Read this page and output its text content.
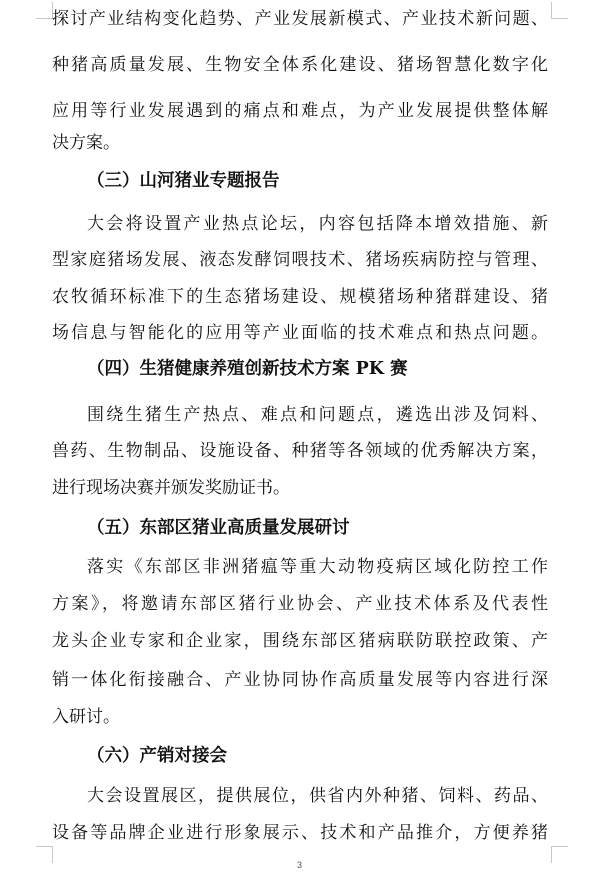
探讨产业结构变化趋势、产业发展新模式、产业技术新问题、
种猪高质量发展、生物安全体系化建设、猪场智慧化数字化
应用等行业发展遇到的痛点和难点，为产业发展提供整体解
决方案。
（三）山河猪业专题报告
大会将设置产业热点论坛，内容包括降本增效措施、新
型家庭猪场发展、液态发酵饲喂技术、猪场疾病防控与管理、
农牧循环标准下的生态猪场建设、规模猪场种猪群建设、猪
场信息与智能化的应用等产业面临的技术难点和热点问题。
（四）生猪健康养殖创新技术方案 PK 赛
围绕生猪生产热点、难点和问题点，遴选出涉及饲料、
兽药、生物制品、设施设备、种猪等各领域的优秀解决方案，
进行现场决赛并颁发奖励证书。
（五）东部区猪业高质量发展研讨
落实《东部区非洲猪瘟等重大动物疫病区域化防控工作
方案》，将邀请东部区猪行业协会、产业技术体系及代表性
龙头企业专家和企业家，围绕东部区猪病联防联控政策、产
销一体化衔接融合、产业协同协作高质量发展等内容进行深
入研讨。
（六）产销对接会
大会设置展区，提供展位，供省内外种猪、饲料、药品、
设备等品牌企业进行形象展示、技术和产品推介，方便养猪
3
